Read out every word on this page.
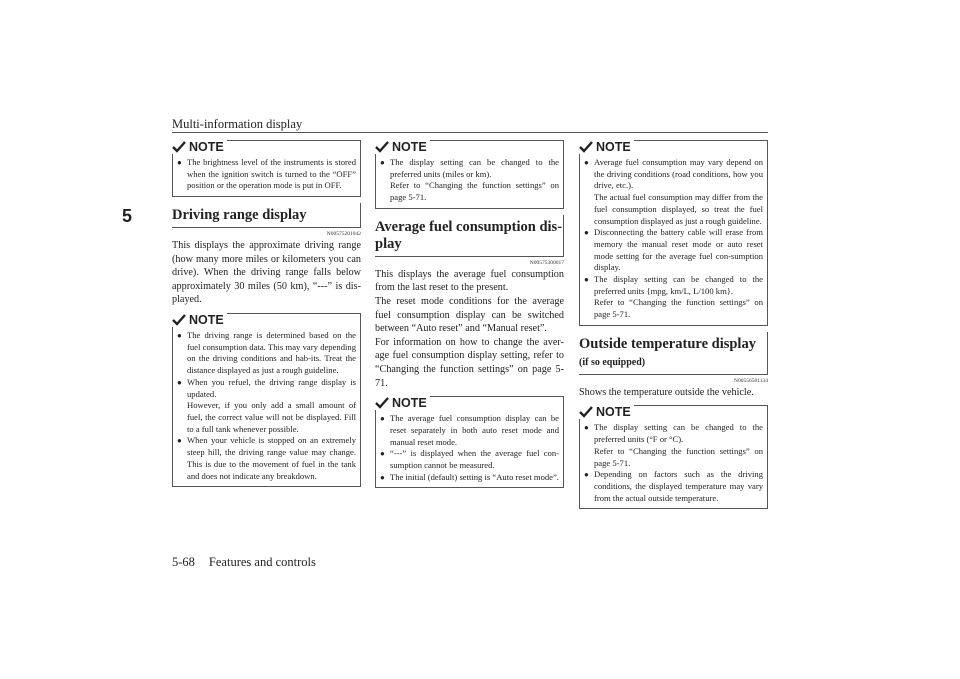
Multi-information display
5
NOTE
● The brightness level of the instruments is stored when the ignition switch is turned to the “OFF” position or the operation mode is put in OFF.
Driving range display
N00575201042

This displays the approximate driving range (how many more miles or kilometers you can drive). When the driving range falls below approximately 30 miles (50 km), “---” is dis-played.

NOTE
● The driving range is determined based on the fuel consumption data. This may vary depending on the driving conditions and hab-its. Treat the distance displayed as just a rough guideline.
● When you refuel, the driving range display is updated.
However, if you only add a small amount of fuel, the correct value will not be displayed. Fill to a full tank whenever possible.
● When your vehicle is stopped on an extremely steep hill, the driving range value may change. This is due to the movement of fuel in the tank and does not indicate any breakdown.
NOTE
● The display setting can be changed to the preferred units (miles or km).
Refer to “Changing the function settings” on page 5-71.
Average fuel consumption dis-play
N00575300017

This displays the average fuel consumption from the last reset to the present.

The reset mode conditions for the average fuel consumption display can be switched between “Auto reset” and “Manual reset”.

For information on how to change the aver-age fuel consumption display setting, refer to “Changing the function settings” on page 5-71.

NOTE
● The average fuel consumption display can be reset separately in both auto reset mode and manual reset mode.
● “---” is displayed when the average fuel con-sumption cannot be measured.
● The initial (default) setting is “Auto reset mode”.
NOTE
● Average fuel consumption may vary depend on the driving conditions (road conditions, how you drive, etc.).
The actual fuel consumption may differ from the fuel consumption displayed, so treat the fuel consumption displayed as just a rough guideline.
● Disconnecting the battery cable will erase from memory the manual reset mode or auto reset mode setting for the average fuel con-sumption display.
● The display setting can be changed to the preferred units {mpg, km/L, L/100 km}.
Refer to “Changing the function settings” on page 5-71.
Outside temperature display (if so equipped)
N00556501134

Shows the temperature outside the vehicle.

NOTE
● The display setting can be changed to the preferred units (°F or °C).
Refer to “Changing the function settings” on page 5-71.
● Depending on factors such as the driving conditions, the displayed temperature may vary from the actual outside temperature.
5-68 Features and controls
